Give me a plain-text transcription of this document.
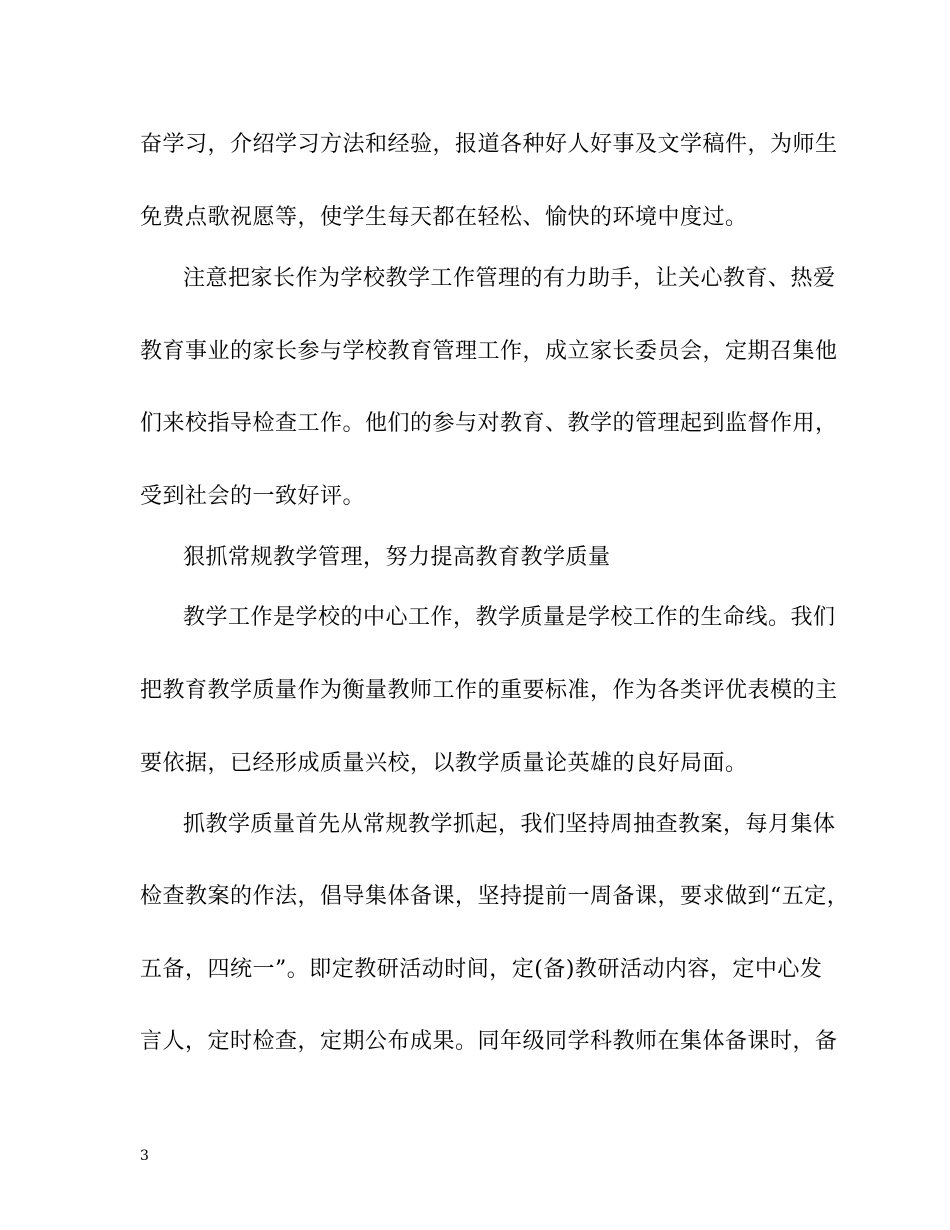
奋学习，介绍学习方法和经验，报道各种好人好事及文学稿件，为师生
免费点歌祝愿等，使学生每天都在轻松、愉快的环境中度过。
注意把家长作为学校教学工作管理的有力助手，让关心教育、热爱
教育事业的家长参与学校教育管理工作，成立家长委员会，定期召集他
们来校指导检查工作。他们的参与对教育、教学的管理起到监督作用，
受到社会的一致好评。
狠抓常规教学管理，努力提高教育教学质量
教学工作是学校的中心工作，教学质量是学校工作的生命线。我们
把教育教学质量作为衡量教师工作的重要标准，作为各类评优表模的主
要依据，已经形成质量兴校，以教学质量论英雄的良好局面。
抓教学质量首先从常规教学抓起，我们坚持周抽查教案，每月集体
检查教案的作法，倡导集体备课，坚持提前一周备课，要求做到“五定，
五备，四统一”。即定教研活动时间，定(备)教研活动内容，定中心发
言人，定时检查，定期公布成果。同年级同学科教师在集体备课时，备
3
